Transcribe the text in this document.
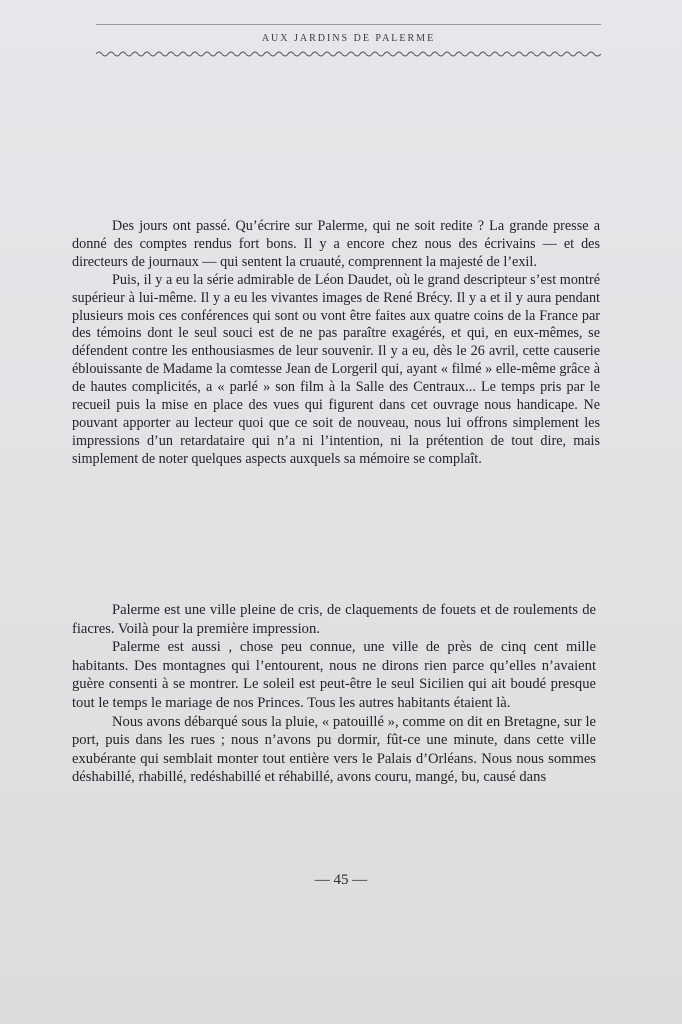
AUX JARDINS DE PALERME

Des jours ont passé. Qu’écrire sur Palerme, qui ne soit redite ? La grande presse a donné des comptes rendus fort bons. Il y a encore chez nous des écrivains — et des directeurs de journaux — qui sentent la cruauté, comprennent la majesté de l’exil.

Puis, il y a eu la série admirable de Léon Daudet, où le grand descripteur s’est montré supérieur à lui-même. Il y a eu les vivantes images de René Brécy. Il y a et il y aura pendant plusieurs mois ces conférences qui sont ou vont être faites aux quatre coins de la France par des témoins dont le seul souci est de ne pas paraître exagérés, et qui, en eux-mêmes, se défendent contre les enthousiasmes de leur souvenir. Il y a eu, dès le 26 avril, cette causerie éblouissante de Madame la comtesse Jean de Lorgeril qui, ayant « filmé » elle-même grâce à de hautes complicités, a « parlé » son film à la Salle des Centraux... Le temps pris par le recueil puis la mise en place des vues qui figurent dans cet ouvrage nous handicape. Ne pouvant apporter au lecteur quoi que ce soit de nouveau, nous lui offrons simplement les impressions d’un retardataire qui n’a ni l’intention, ni la prétention de tout dire, mais simplement de noter quelques aspects auxquels sa mémoire se complaît.

Palerme est une ville pleine de cris, de claquements de fouets et de roulements de fiacres. Voilà pour la première impression.

Palerme est aussi , chose peu connue, une ville de près de cinq cent mille habitants. Des montagnes qui l’entourent, nous ne dirons rien parce qu’elles n’avaient guère consenti à se montrer. Le soleil est peut-être le seul Sicilien qui ait boudé presque tout le temps le mariage de nos Princes. Tous les autres habitants étaient là.

Nous avons débarqué sous la pluie, « patouillé », comme on dit en Bretagne, sur le port, puis dans les rues ; nous n’avons pu dormir, fût-ce une minute, dans cette ville exubérante qui semblait monter tout entière vers le Palais d’Orléans. Nous nous sommes déshabillé, rhabillé, redéshabillé et réhabillé, avons couru, mangé, bu, causé dans

— 45 —
